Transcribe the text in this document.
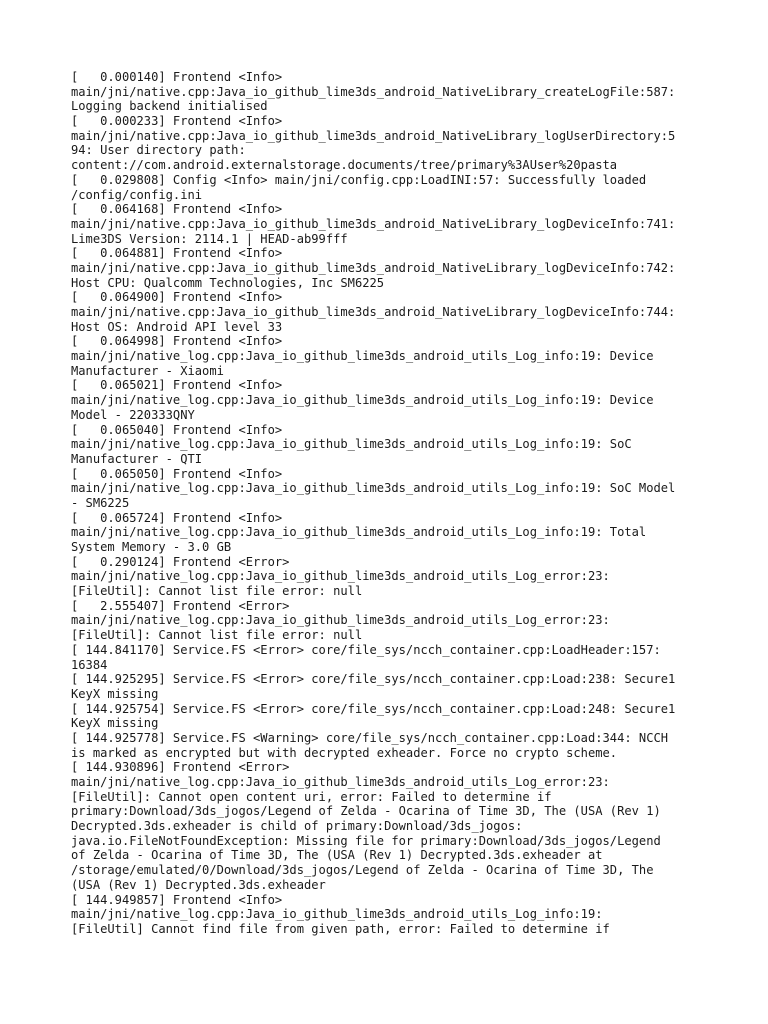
[   0.000140] Frontend <Info>
main/jni/native.cpp:Java_io_github_lime3ds_android_NativeLibrary_createLogFile:587:
Logging backend initialised
[   0.000233] Frontend <Info>
main/jni/native.cpp:Java_io_github_lime3ds_android_NativeLibrary_logUserDirectory:5
94: User directory path:
content://com.android.externalstorage.documents/tree/primary%3AUser%20pasta
[   0.029808] Config <Info> main/jni/config.cpp:LoadINI:57: Successfully loaded
/config/config.ini
[   0.064168] Frontend <Info>
main/jni/native.cpp:Java_io_github_lime3ds_android_NativeLibrary_logDeviceInfo:741:
Lime3DS Version: 2114.1 | HEAD-ab99fff
[   0.064881] Frontend <Info>
main/jni/native.cpp:Java_io_github_lime3ds_android_NativeLibrary_logDeviceInfo:742:
Host CPU: Qualcomm Technologies, Inc SM6225
[   0.064900] Frontend <Info>
main/jni/native.cpp:Java_io_github_lime3ds_android_NativeLibrary_logDeviceInfo:744:
Host OS: Android API level 33
[   0.064998] Frontend <Info>
main/jni/native_log.cpp:Java_io_github_lime3ds_android_utils_Log_info:19: Device
Manufacturer - Xiaomi
[   0.065021] Frontend <Info>
main/jni/native_log.cpp:Java_io_github_lime3ds_android_utils_Log_info:19: Device
Model - 220333QNY
[   0.065040] Frontend <Info>
main/jni/native_log.cpp:Java_io_github_lime3ds_android_utils_Log_info:19: SoC
Manufacturer - QTI
[   0.065050] Frontend <Info>
main/jni/native_log.cpp:Java_io_github_lime3ds_android_utils_Log_info:19: SoC Model
- SM6225
[   0.065724] Frontend <Info>
main/jni/native_log.cpp:Java_io_github_lime3ds_android_utils_Log_info:19: Total
System Memory - 3.0 GB
[   0.290124] Frontend <Error>
main/jni/native_log.cpp:Java_io_github_lime3ds_android_utils_Log_error:23:
[FileUtil]: Cannot list file error: null
[   2.555407] Frontend <Error>
main/jni/native_log.cpp:Java_io_github_lime3ds_android_utils_Log_error:23:
[FileUtil]: Cannot list file error: null
[ 144.841170] Service.FS <Error> core/file_sys/ncch_container.cpp:LoadHeader:157:
16384
[ 144.925295] Service.FS <Error> core/file_sys/ncch_container.cpp:Load:238: Secure1
KeyX missing
[ 144.925754] Service.FS <Error> core/file_sys/ncch_container.cpp:Load:248: Secure1
KeyX missing
[ 144.925778] Service.FS <Warning> core/file_sys/ncch_container.cpp:Load:344: NCCH
is marked as encrypted but with decrypted exheader. Force no crypto scheme.
[ 144.930896] Frontend <Error>
main/jni/native_log.cpp:Java_io_github_lime3ds_android_utils_Log_error:23:
[FileUtil]: Cannot open content uri, error: Failed to determine if
primary:Download/3ds_jogos/Legend of Zelda - Ocarina of Time 3D, The (USA (Rev 1)
Decrypted.3ds.exheader is child of primary:Download/3ds_jogos:
java.io.FileNotFoundException: Missing file for primary:Download/3ds_jogos/Legend
of Zelda - Ocarina of Time 3D, The (USA (Rev 1) Decrypted.3ds.exheader at
/storage/emulated/0/Download/3ds_jogos/Legend of Zelda - Ocarina of Time 3D, The
(USA (Rev 1) Decrypted.3ds.exheader
[ 144.949857] Frontend <Info>
main/jni/native_log.cpp:Java_io_github_lime3ds_android_utils_Log_info:19:
[FileUtil] Cannot find file from given path, error: Failed to determine if
